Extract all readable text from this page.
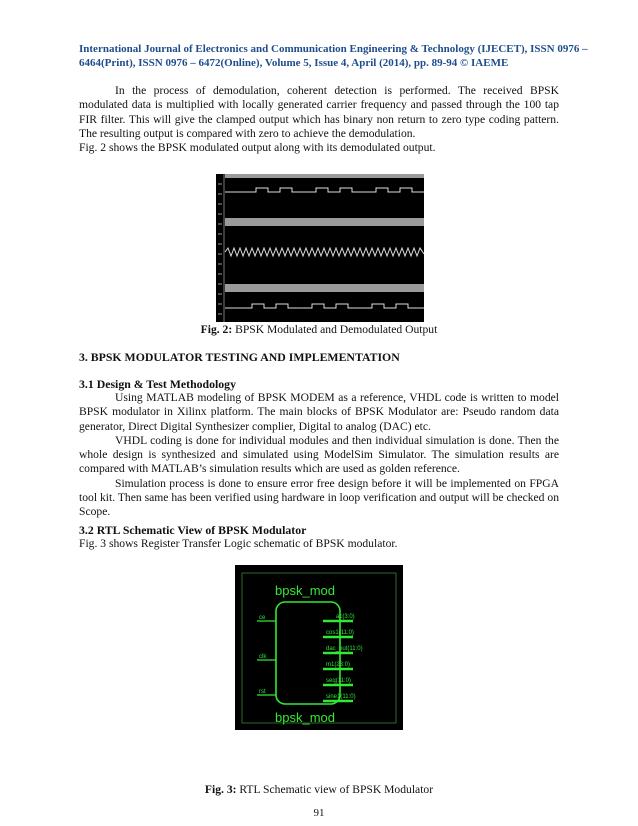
International Journal of Electronics and Communication Engineering & Technology (IJECET), ISSN 0976 –
6464(Print), ISSN 0976 – 6472(Online), Volume 5, Issue 4, April (2014), pp. 89-94 © IAEME

In the process of demodulation, coherent detection is performed. The received BPSK modulated data is multiplied with locally generated carrier frequency and passed through the 100 tap FIR filter. This will give the clamped output which has binary non return to zero type coding pattern. The resulting output is compared with zero to achieve the demodulation.

Fig. 2 shows the BPSK modulated output along with its demodulated output.

Fig. 2: BPSK Modulated and Demodulated Output
3. BPSK MODULATOR TESTING AND IMPLEMENTATION
3.1 Design & Test Methodology

Using MATLAB modeling of BPSK MODEM as a reference, VHDL code is written to model BPSK modulator in Xilinx platform. The main blocks of BPSK Modulator are: Pseudo random data generator, Direct Digital Synthesizer complier, Digital to analog (DAC) etc.

VHDL coding is done for individual modules and then individual simulation is done. Then the whole design is synthesized and simulated using ModelSim Simulator. The simulation results are compared with MATLAB’s simulation results which are used as golden reference.

Simulation process is done to ensure error free design before it will be implemented on FPGA tool kit. Then same has been verified using hardware in loop verification and output will be checked on Scope.

3.2 RTL Schematic View of BPSK Modulator
Fig. 3 shows Register Transfer Logic schematic of BPSK modulator.
bpsk_mod
bpsk_mod
ce
clk
rst
ac(3:0)
cos1(11:0)
dac_out(11:0)
m1(23:0)
seq(11:0)
sine1(11:0)
Fig. 3: RTL Schematic view of BPSK Modulator
91
